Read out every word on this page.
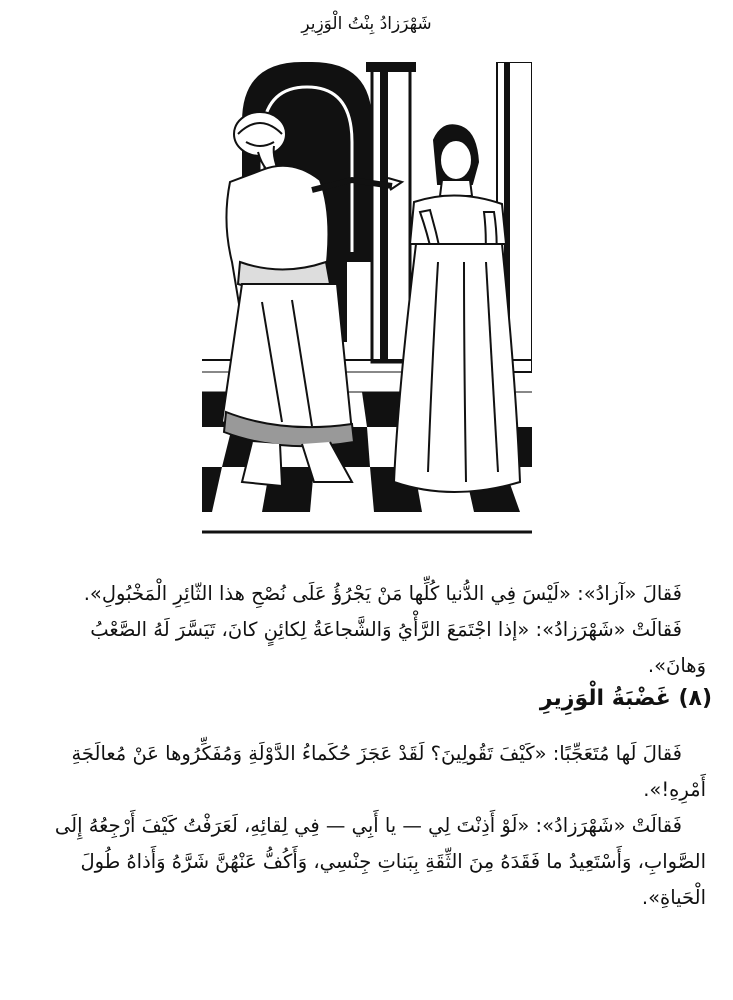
شَهْرَزادُ بِنْتُ الْوَزِيرِ

فَقالَ «آزادُ»: «لَيْسَ فِي الدُّنيا كُلِّها مَنْ يَجْرُؤُ عَلَى نُصْحِ هذا الثّائِرِ الْمَخْبُولِ».

فَقالَتْ «شَهْرَزادُ»: «إذا اجْتَمَعَ الرَّأْيُ وَالشَّجاعَةُ لِكائِنٍ كانَ، تَيَسَّرَ لَهُ الصَّعْبُ وَهانَ».

(٨) غَضْبَةُ الْوَزِيرِ

فَقالَ لَها مُتَعَجِّبًا: «كَيْفَ تَقُولِينَ؟ لَقَدْ عَجَزَ حُكَماءُ الدَّوْلَةِ وَمُفَكِّرُوها عَنْ مُعالَجَةِ أَمْرِهِ!».

فَقالَتْ «شَهْرَزادُ»: «لَوْ أَذِنْتَ لِي — يا أَبِي — فِي لِقائِهِ، لَعَرَفْتُ كَيْفَ أَرْجِعُهُ إِلَى الصَّوابِ، وَأَسْتَعِيدُ ما فَقَدَهُ مِنَ الثِّقَةِ بِبَناتِ جِنْسِي، وَأَكُفُّ عَنْهُنَّ شَرَّهُ وَأَذاهُ طُولَ الْحَياةِ».
